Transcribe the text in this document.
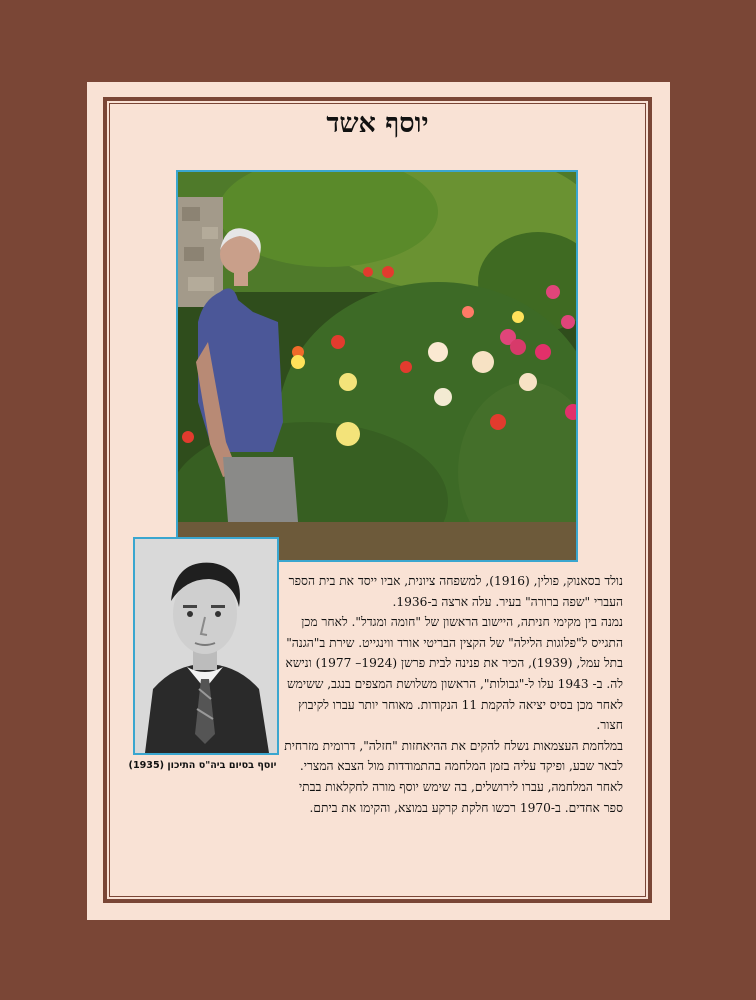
יוסף אשד
יוסף בסיום ביה"ס התיכון (1935)

נולד בסאנוק, פולין, (1916), למשפחה ציונית, אביו ייסד את בית הספר העברי "שפה ברורה" בעיר. עלה ארצה ב-1936.

נמנה בין מקימי חניתה, היישוב הראשון של "חומה ומגדל". לאחר מכן התגייס ל"פלוגות הלילה" של הקצין הבריטי אורד ווינגייט. שירת ב"הגנה" בתל עמל, (1939), הכיר את פנינה לבית פרשן (1924– 1977) ונישא לה. ב- 1943 עלו ל-"גבולות", הראשון משלושת המצפים בנגב, ששימש לאחר מכן בסיס יציאה להקמת 11 הנקודות. מאוחר יותר עברו לקיבוץ חצור.

במלחמת העצמאות נשלח להקים את ההיאחזות "חזלה", דרומית מזרחית לבאר שבע, ופיקד עליה בזמן המלחמה בהתמודדות מול הצבא המצרי.

לאחר המלחמה, עברו לירושלים, בה שימש יוסף מורה לחקלאות בבתי ספר אחדים. ב-1970 רכשו חלקת קרקע במוצא, והקימו את ביתם.
